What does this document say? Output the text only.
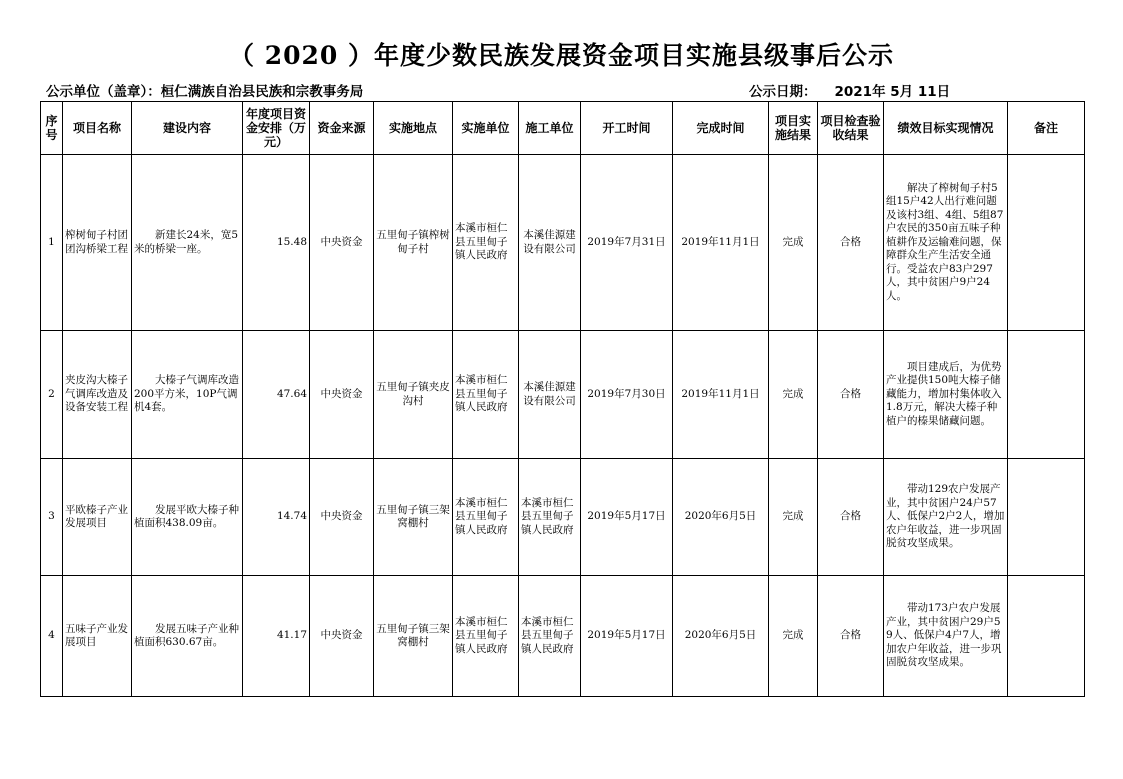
（ 2020 ）年度少数民族发展资金项目实施县级事后公示
公示单位（盖章）：桓仁满族自治县民族和宗教事务局	公示日期： 2021年 5月 11日
序号	项目名称	建设内容	年度项目资金安排（万元）	资金来源	实施地点	实施单位	施工单位	开工时间	完成时间	项目实施结果	项目检查验收结果	绩效目标实现情况	备注
1	榨树甸子村团团沟桥梁工程	新建长24米，宽5米的桥梁一座。	15.48	中央资金	五里甸子镇榨树甸子村	本溪市桓仁县五里甸子镇人民政府	本溪佳源建设有限公司	2019年7月31日	2019年11月1日	完成	合格	解决了榨树甸子村5组15户42人出行难问题及该村3组、4组、5组87户农民的350亩五味子种植耕作及运输难问题，保障群众生产生活安全通行。受益农户83户297人，其中贫困户9户24人。	
2	夹皮沟大榛子气调库改造及设备安装工程	大榛子气调库改造200平方米，10P气调机4套。	47.64	中央资金	五里甸子镇夹皮沟村	本溪市桓仁县五里甸子镇人民政府	本溪佳源建设有限公司	2019年7月30日	2019年11月1日	完成	合格	项目建成后，为优势产业提供150吨大榛子储藏能力，增加村集体收入1.8万元，解决大榛子种植户的榛果储藏问题。	
3	平欧榛子产业发展项目	发展平欧大榛子种植面积438.09亩。	14.74	中央资金	五里甸子镇三架窝棚村	本溪市桓仁县五里甸子镇人民政府	本溪市桓仁县五里甸子镇人民政府	2019年5月17日	2020年6月5日	完成	合格	带动129农户发展产业，其中贫困户24户57人、低保户2户2人，增加农户年收益，进一步巩固脱贫攻坚成果。	
4	五味子产业发展项目	发展五味子产业种植面积630.67亩。	41.17	中央资金	五里甸子镇三架窝棚村	本溪市桓仁县五里甸子镇人民政府	本溪市桓仁县五里甸子镇人民政府	2019年5月17日	2020年6月5日	完成	合格	带动173户农户发展产业，其中贫困户29户59人、低保户4户7人，增加农户年收益，进一步巩固脱贫攻坚成果。	
